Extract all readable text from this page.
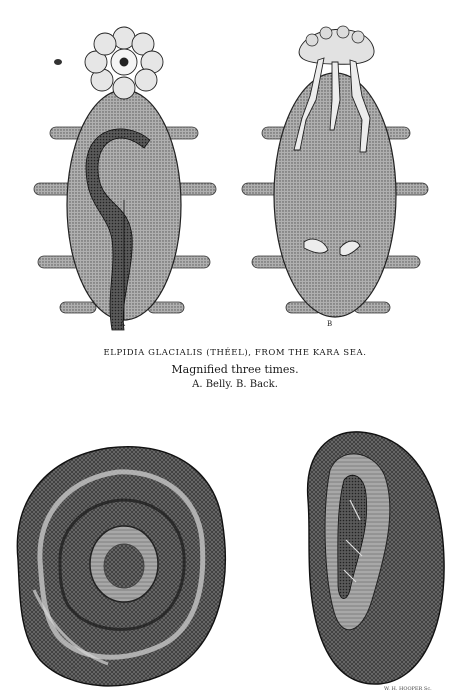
A	B
G.
W. H. HOOPER Sc.
ELPIDIA GLACIALIS (THÉEL), FROM THE KARA SEA.
Magnified three times.
A. Belly. B. Back.
